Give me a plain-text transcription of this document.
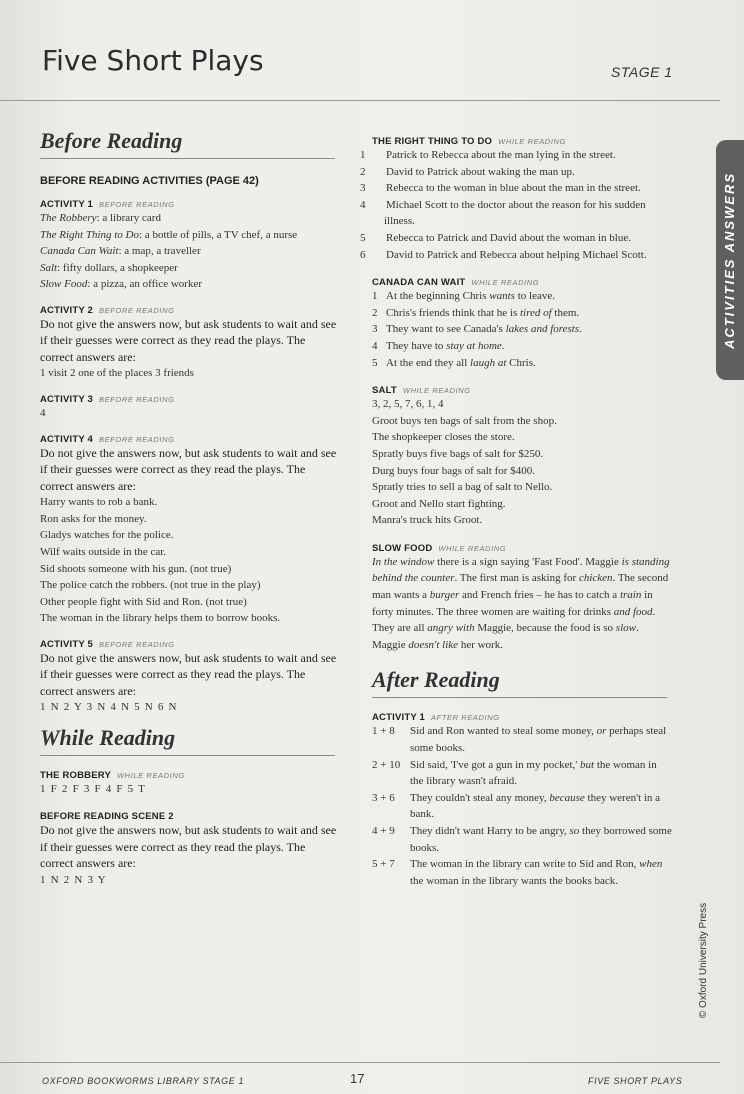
Five Short Plays	STAGE 1
Before Reading
BEFORE READING ACTIVITIES (PAGE 42)
ACTIVITY 1 BEFORE READING
The Robbery: a library card
The Right Thing to Do: a bottle of pills, a TV chef, a nurse
Canada Can Wait: a map, a traveller
Salt: fifty dollars, a shopkeeper
Slow Food: a pizza, an office worker
ACTIVITY 2 BEFORE READING
Do not give the answers now, but ask students to wait and see if their guesses were correct as they read the plays. The correct answers are:
1 visit 2 one of the places 3 friends
ACTIVITY 3 BEFORE READING
4
ACTIVITY 4 BEFORE READING
Do not give the answers now, but ask students to wait and see if their guesses were correct as they read the plays. The correct answers are:
Harry wants to rob a bank.
Ron asks for the money.
Gladys watches for the police.
Wilf waits outside in the car.
Sid shoots someone with his gun. (not true)
The police catch the robbers. (not true in the play)
Other people fight with Sid and Ron. (not true)
The woman in the library helps them to borrow books.
ACTIVITY 5 BEFORE READING
Do not give the answers now, but ask students to wait and see if their guesses were correct as they read the plays. The correct answers are:
1 N 2 Y 3 N 4 N 5 N 6 N
While Reading
THE ROBBERY WHILE READING
1 F 2 F 3 F 4 F 5 T
BEFORE READING SCENE 2
Do not give the answers now, but ask students to wait and see if their guesses were correct as they read the plays. The correct answers are:
1 N 2 N 3 Y
THE RIGHT THING TO DO WHILE READING
1 Patrick to Rebecca about the man lying in the street.
2 David to Patrick about waking the man up.
3 Rebecca to the woman in blue about the man in the street.
4 Michael Scott to the doctor about the reason for his sudden illness.
5 Rebecca to Patrick and David about the woman in blue.
6 David to Patrick and Rebecca about helping Michael Scott.
CANADA CAN WAIT WHILE READING
1 At the beginning Chris wants to leave.
2 Chris's friends think that he is tired of them.
3 They want to see Canada's lakes and forests.
4 They have to stay at home.
5 At the end they all laugh at Chris.
SALT WHILE READING
3, 2, 5, 7, 6, 1, 4
Groot buys ten bags of salt from the shop.
The shopkeeper closes the store.
Spratly buys five bags of salt for $250.
Durg buys four bags of salt for $400.
Spratly tries to sell a bag of salt to Nello.
Groot and Nello start fighting.
Manra's truck hits Groot.
SLOW FOOD WHILE READING
In the window there is a sign saying 'Fast Food'. Maggie is standing behind the counter. The first man is asking for chicken. The second man wants a burger and French fries – he has to catch a train in forty minutes. The three women are waiting for drinks and food. They are all angry with Maggie, because the food is so slow. Maggie doesn't like her work.
After Reading
ACTIVITY 1 AFTER READING
1 + 8 Sid and Ron wanted to steal some money, or perhaps steal some books.
2 + 10 Sid said, 'I've got a gun in my pocket,' but the woman in the library wasn't afraid.
3 + 6 They couldn't steal any money, because they weren't in a bank.
4 + 9 They didn't want Harry to be angry, so they borrowed some books.
5 + 7 The woman in the library can write to Sid and Ron, when the woman in the library wants the books back.
ACTIVITIES ANSWERS
© Oxford University Press
OXFORD BOOKWORMS LIBRARY STAGE 1	17	FIVE SHORT PLAYS
